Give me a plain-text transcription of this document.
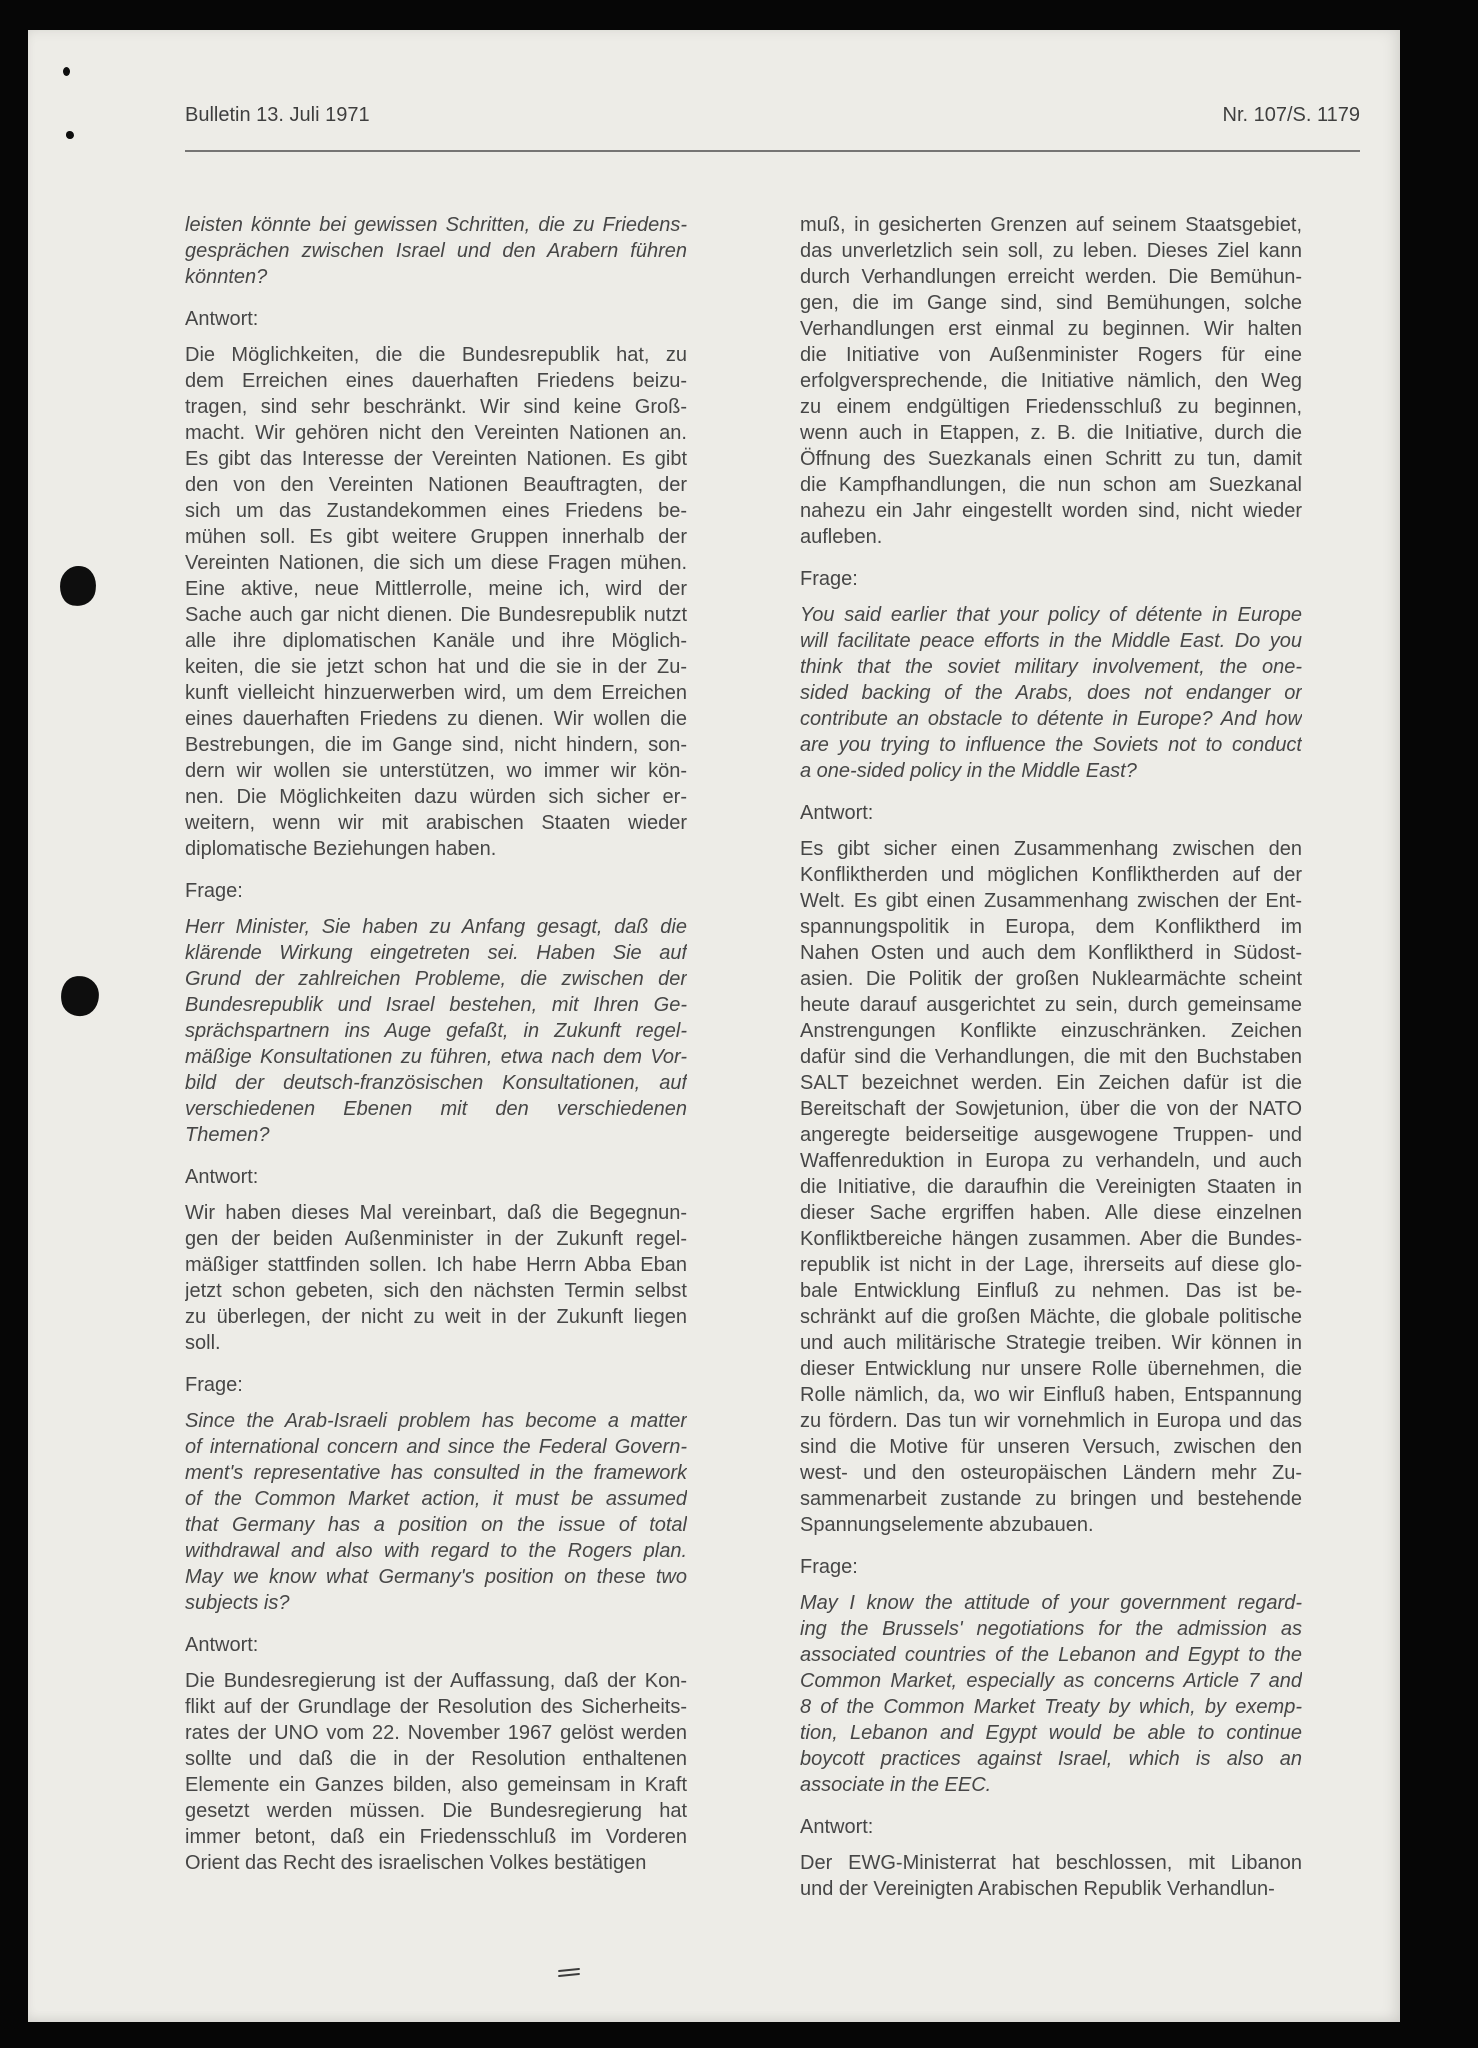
Bulletin 13. Juli 1971	Nr. 107/S. 1179
leisten könnte bei gewissen Schritten, die zu Friedens-
gesprächen zwischen Israel und den Arabern führen
könnten?
Antwort:
Die Möglichkeiten, die die Bundesrepublik hat, zu
dem Erreichen eines dauerhaften Friedens beizu-
tragen, sind sehr beschränkt. Wir sind keine Groß-
macht. Wir gehören nicht den Vereinten Nationen an.
Es gibt das Interesse der Vereinten Nationen. Es gibt
den von den Vereinten Nationen Beauftragten, der
sich um das Zustandekommen eines Friedens be-
mühen soll. Es gibt weitere Gruppen innerhalb der
Vereinten Nationen, die sich um diese Fragen mühen.
Eine aktive, neue Mittlerrolle, meine ich, wird der
Sache auch gar nicht dienen. Die Bundesrepublik nutzt
alle ihre diplomatischen Kanäle und ihre Möglich-
keiten, die sie jetzt schon hat und die sie in der Zu-
kunft vielleicht hinzuerwerben wird, um dem Erreichen
eines dauerhaften Friedens zu dienen. Wir wollen die
Bestrebungen, die im Gange sind, nicht hindern, son-
dern wir wollen sie unterstützen, wo immer wir kön-
nen. Die Möglichkeiten dazu würden sich sicher er-
weitern, wenn wir mit arabischen Staaten wieder
diplomatische Beziehungen haben.
Frage:
Herr Minister, Sie haben zu Anfang gesagt, daß die
klärende Wirkung eingetreten sei. Haben Sie auf
Grund der zahlreichen Probleme, die zwischen der
Bundesrepublik und Israel bestehen, mit Ihren Ge-
sprächspartnern ins Auge gefaßt, in Zukunft regel-
mäßige Konsultationen zu führen, etwa nach dem Vor-
bild der deutsch-französischen Konsultationen, auf
verschiedenen Ebenen mit den verschiedenen
Themen?
Antwort:
Wir haben dieses Mal vereinbart, daß die Begegnun-
gen der beiden Außenminister in der Zukunft regel-
mäßiger stattfinden sollen. Ich habe Herrn Abba Eban
jetzt schon gebeten, sich den nächsten Termin selbst
zu überlegen, der nicht zu weit in der Zukunft liegen
soll.
Frage:
Since the Arab-Israeli problem has become a matter
of international concern and since the Federal Govern-
ment's representative has consulted in the framework
of the Common Market action, it must be assumed
that Germany has a position on the issue of total
withdrawal and also with regard to the Rogers plan.
May we know what Germany's position on these two
subjects is?
Antwort:
Die Bundesregierung ist der Auffassung, daß der Kon-
flikt auf der Grundlage der Resolution des Sicherheits-
rates der UNO vom 22. November 1967 gelöst werden
sollte und daß die in der Resolution enthaltenen
Elemente ein Ganzes bilden, also gemeinsam in Kraft
gesetzt werden müssen. Die Bundesregierung hat
immer betont, daß ein Friedensschluß im Vorderen
Orient das Recht des israelischen Volkes bestätigen
muß, in gesicherten Grenzen auf seinem Staatsgebiet,
das unverletzlich sein soll, zu leben. Dieses Ziel kann
durch Verhandlungen erreicht werden. Die Bemühun-
gen, die im Gange sind, sind Bemühungen, solche
Verhandlungen erst einmal zu beginnen. Wir halten
die Initiative von Außenminister Rogers für eine
erfolgversprechende, die Initiative nämlich, den Weg
zu einem endgültigen Friedensschluß zu beginnen,
wenn auch in Etappen, z. B. die Initiative, durch die
Öffnung des Suezkanals einen Schritt zu tun, damit
die Kampfhandlungen, die nun schon am Suezkanal
nahezu ein Jahr eingestellt worden sind, nicht wieder
aufleben.
Frage:
You said earlier that your policy of détente in Europe
will facilitate peace efforts in the Middle East. Do you
think that the soviet military involvement, the one-
sided backing of the Arabs, does not endanger or
contribute an obstacle to détente in Europe? And how
are you trying to influence the Soviets not to conduct
a one-sided policy in the Middle East?
Antwort:
Es gibt sicher einen Zusammenhang zwischen den
Konfliktherden und möglichen Konfliktherden auf der
Welt. Es gibt einen Zusammenhang zwischen der Ent-
spannungspolitik in Europa, dem Konfliktherd im
Nahen Osten und auch dem Konfliktherd in Südost-
asien. Die Politik der großen Nuklearmächte scheint
heute darauf ausgerichtet zu sein, durch gemeinsame
Anstrengungen Konflikte einzuschränken. Zeichen
dafür sind die Verhandlungen, die mit den Buchstaben
SALT bezeichnet werden. Ein Zeichen dafür ist die
Bereitschaft der Sowjetunion, über die von der NATO
angeregte beiderseitige ausgewogene Truppen- und
Waffenreduktion in Europa zu verhandeln, und auch
die Initiative, die daraufhin die Vereinigten Staaten in
dieser Sache ergriffen haben. Alle diese einzelnen
Konfliktbereiche hängen zusammen. Aber die Bundes-
republik ist nicht in der Lage, ihrerseits auf diese glo-
bale Entwicklung Einfluß zu nehmen. Das ist be-
schränkt auf die großen Mächte, die globale politische
und auch militärische Strategie treiben. Wir können in
dieser Entwicklung nur unsere Rolle übernehmen, die
Rolle nämlich, da, wo wir Einfluß haben, Entspannung
zu fördern. Das tun wir vornehmlich in Europa und das
sind die Motive für unseren Versuch, zwischen den
west- und den osteuropäischen Ländern mehr Zu-
sammenarbeit zustande zu bringen und bestehende
Spannungselemente abzubauen.
Frage:
May I know the attitude of your government regard-
ing the Brussels' negotiations for the admission as
associated countries of the Lebanon and Egypt to the
Common Market, especially as concerns Article 7 and
8 of the Common Market Treaty by which, by exemp-
tion, Lebanon and Egypt would be able to continue
boycott practices against Israel, which is also an
associate in the EEC.
Antwort:
Der EWG-Ministerrat hat beschlossen, mit Libanon
und der Vereinigten Arabischen Republik Verhandlun-
